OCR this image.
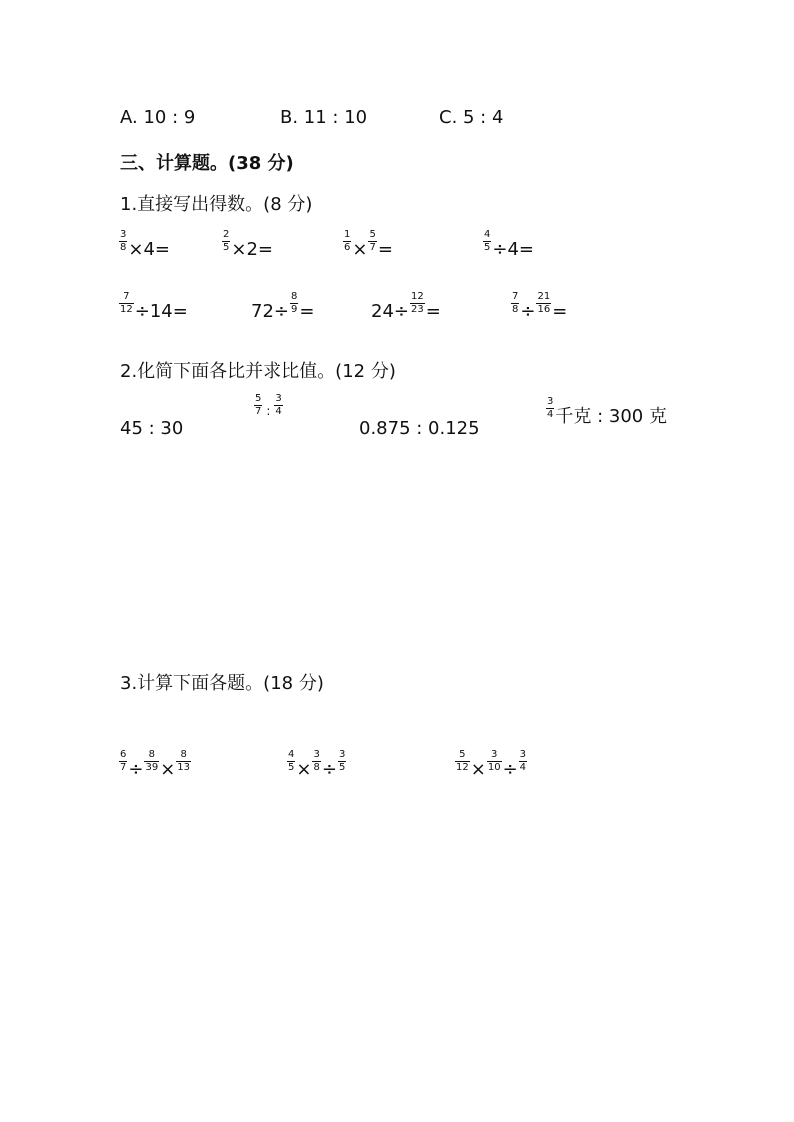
A. 10 : 9	B. 11 : 10	C. 5 : 4
三、计算题。(38 分)
1.直接写出得数。(8 分)
$\frac{3}{8} \times 4=$	$\frac{2}{5} \times 2=$	$\frac{1}{6} \times \frac{5}{7}$ =	$\frac{4}{5} \div 4=$
$\frac{7}{12} \div 14=$	$72\div \frac{8}{9}$ =	$24\div \frac{12}{23}$ =	$\frac{7}{8} \div \frac{21}{16}$ =
2.化简下面各比并求比值。(12 分)
45 : 30
$\frac{5}{7}$ : $\frac{3}{4}$
0.875 : 0.125
$\frac{3}{4}$ 千克 : 300 克
3.计算下面各题。(18 分)
$\frac{6}{7} \div \frac{8}{39} \times \frac{8}{13}$	$\frac{4}{5} \times \frac{3}{8} \div \frac{3}{5}$	$\frac{5}{12} \times \frac{3}{10} \div \frac{3}{4}$
